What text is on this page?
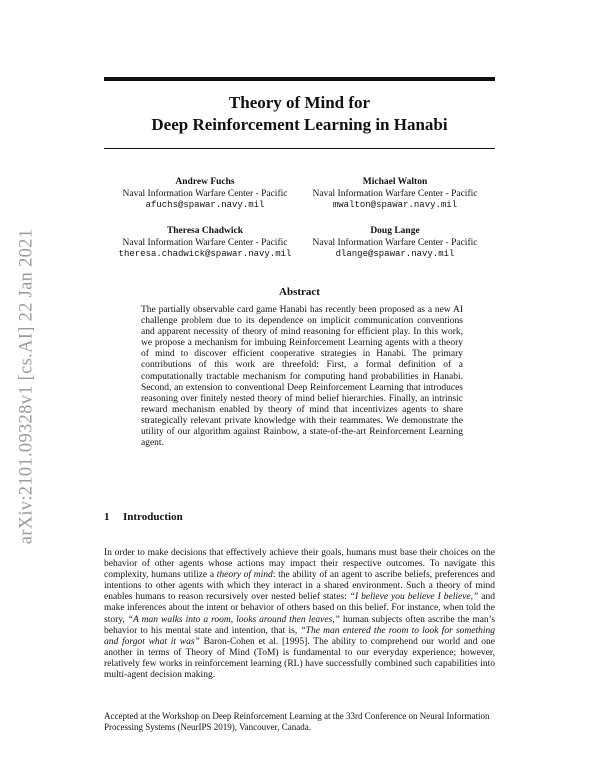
Theory of Mind for
Deep Reinforcement Learning in Hanabi
Andrew Fuchs
Naval Information Warfare Center - Pacific
afuchs@spawar.navy.mil
Michael Walton
Naval Information Warfare Center - Pacific
mwalton@spawar.navy.mil
Theresa Chadwick
Naval Information Warfare Center - Pacific
theresa.chadwick@spawar.navy.mil
Doug Lange
Naval Information Warfare Center - Pacific
dlange@spawar.navy.mil
arXiv:2101.09328v1 [cs.AI] 22 Jan 2021	Abstract
The partially observable card game Hanabi has recently been proposed as a new AI challenge problem due to its dependence on implicit communication conventions and apparent necessity of theory of mind reasoning for efficient play. In this work, we propose a mechanism for imbuing Reinforcement Learning agents with a theory of mind to discover efficient cooperative strategies in Hanabi. The primary contributions of this work are threefold: First, a formal definition of a computationally tractable mechanism for computing hand probabilities in Hanabi. Second, an extension to conventional Deep Reinforcement Learning that introduces reasoning over finitely nested theory of mind belief hierarchies. Finally, an intrinsic reward mechanism enabled by theory of mind that incentivizes agents to share strategically relevant private knowledge with their teammates. We demonstrate the utility of our algorithm against Rainbow, a state-of-the-art Reinforcement Learning agent.
1 Introduction
In order to make decisions that effectively achieve their goals, humans must base their choices on the behavior of other agents whose actions may impact their respective outcomes. To navigate this complexity, humans utilize a theory of mind: the ability of an agent to ascribe beliefs, preferences and intentions to other agents with which they interact in a shared environment. Such a theory of mind enables humans to reason recursively over nested belief states: “I believe you believe I believe,” and make inferences about the intent or behavior of others based on this belief. For instance, when told the story, “A man walks into a room, looks around then leaves,” human subjects often ascribe the man’s behavior to his mental state and intention, that is, “The man entered the room to look for something and forgot what it was” Baron-Cohen et al. [1995]. The ability to comprehend our world and one another in terms of Theory of Mind (ToM) is fundamental to our everyday experience; however, relatively few works in reinforcement learning (RL) have successfully combined such capabilities into multi-agent decision making.
Accepted at the Workshop on Deep Reinforcement Learning at the 33rd Conference on Neural Information Processing Systems (NeurIPS 2019), Vancouver, Canada.
